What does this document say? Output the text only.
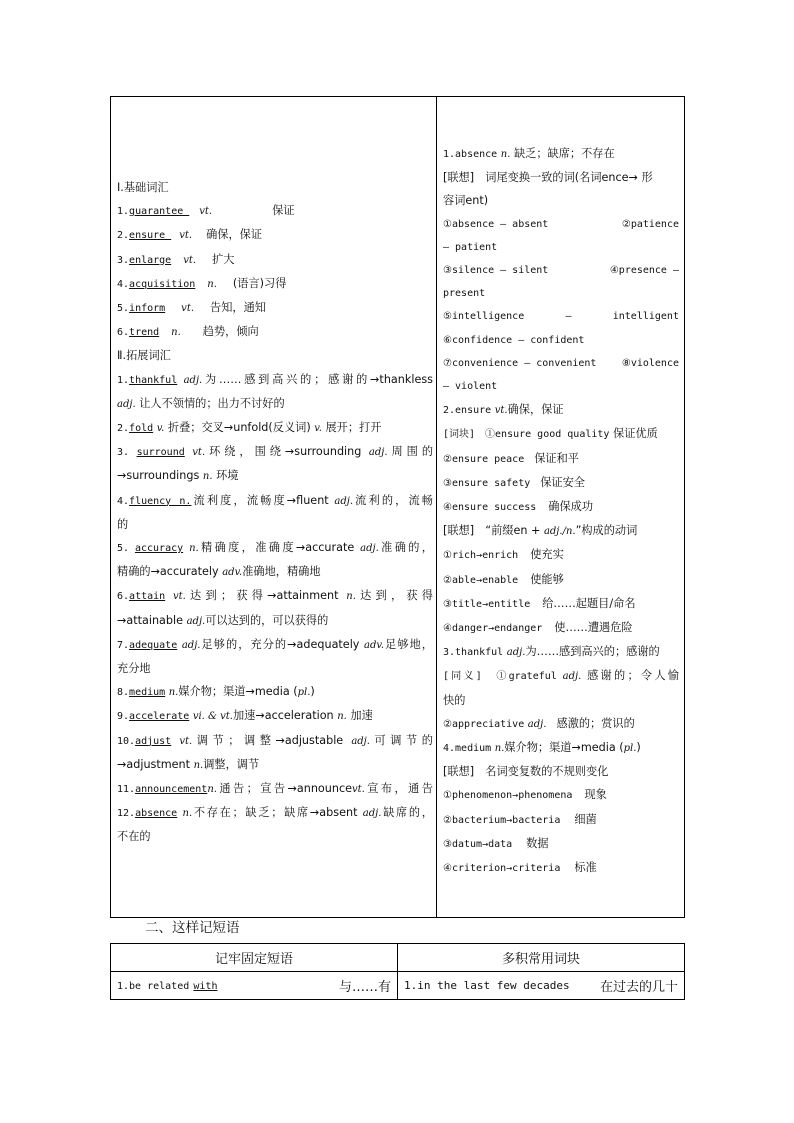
Ⅰ.基础词汇
1.guarantee vt.	保证
2.ensure vt. 确保，保证
3.enlarge vt. 扩大
4.acquisition n. (语言)习得
5.inform vt. 告知，通知
6.trend n. 趋势，倾向
Ⅱ.拓展词汇
1.thankful adj.为……感到高兴的；感谢的→thankless
adj. 让人不领情的；出力不讨好的
2.fold v. 折叠；交叉→unfold(反义词) v. 展开；打开
3. surround vt.环绕，围绕→surrounding adj.周围的
→surroundings n. 环境
4.fluency n.流利度，流畅度→fluent adj.流利的，流畅
的
5. accuracy n.精确度，准确度→accurate adj.准确的，
精确的→accurately adv.准确地，精确地
6.attain vt.达到；获得→attainment n.达到，获得
→attainable adj.可以达到的，可以获得的
7.adequate adj.足够的，充分的→adequately adv.足够地，
充分地
8.medium n.媒介物；渠道→media (pl.)
9.accelerate vi. & vt.加速→acceleration n. 加速
10.adjust vt.调节；调整→adjustable adj.可调节的
→adjustment n.调整，调节
11.announcementn.通告；宣告→announcevt.宣布，通告
12.absence n.不存在；缺乏；缺席→absent adj.缺席的，
不在的
1.absence n. 缺乏；缺席；不存在
[联想]　词尾变换一致的词(名词ence→ 形
容词ent)
①absence — absent	②patience
— patient
③silence — silent	④presence —
present
⑤intelligence	—	intelligent
⑥confidence — confident
⑦convenience — convenient	⑧violence
— violent
2.ensure vt.确保，保证
[词块]　①ensure good quality 保证优质
②ensure peace 保证和平
③ensure safety 保证安全
④ensure success 确保成功
[联想]　“前缀en + adj./n.”构成的动词
①rich→enrich 使充实
②able→enable 使能够
③title→entitle 给……起题目/命名
④danger→endanger 使……遭遇危险
3.thankful adj.为……感到高兴的；感谢的
[同义]　①grateful adj. 感谢的；令人愉
快的
②appreciative adj. 感激的；赏识的
4.medium n.媒介物；渠道→media (pl.)
[联想]　名词变复数的不规则变化
①phenomenon→phenomena 现象
②bacterium→bacteria 细菌
③datum→data 数据
④criterion→criteria 标准
二、这样记短语
记牢固定短语	多积常用词块

1.be related with 与……有	1.in the last few decades 在过去的几十
